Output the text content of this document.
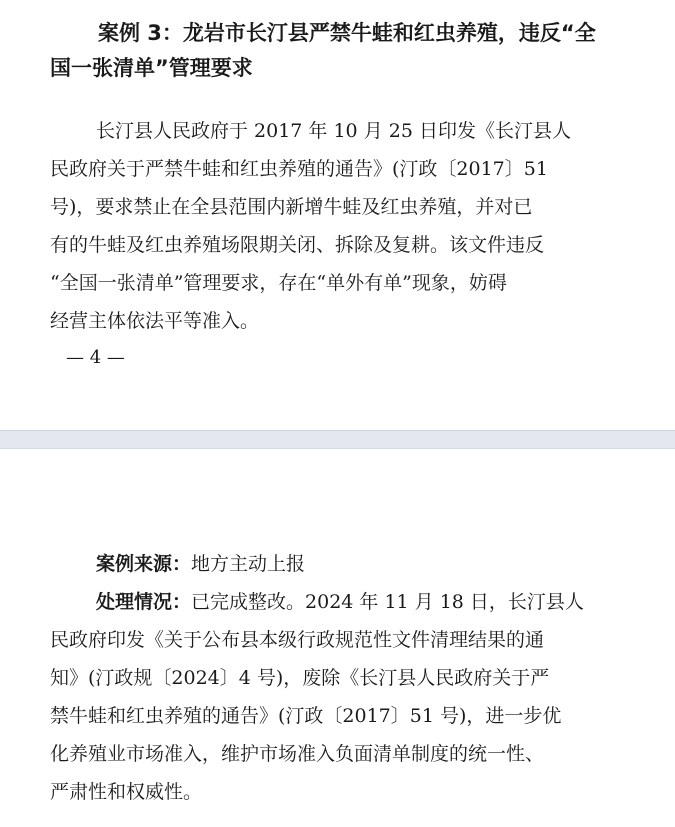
案例 3：龙岩市长汀县严禁牛蛙和红虫养殖，违反“全
国一张清单”管理要求
长汀县人民政府于 2017 年 10 月 25 日印发《长汀县人
民政府关于严禁牛蛙和红虫养殖的通告》(汀政〔2017〕51
号)，要求禁止在全县范围内新增牛蛙及红虫养殖，并对已
有的牛蛙及红虫养殖场限期关闭、拆除及复耕。该文件违反
“全国一张清单”管理要求，存在“单外有单”现象，妨碍
经营主体依法平等准入。
— 4 —
案例来源：地方主动上报
处理情况：已完成整改。2024 年 11 月 18 日，长汀县人
民政府印发《关于公布县本级行政规范性文件清理结果的通
知》(汀政规〔2024〕4 号)，废除《长汀县人民政府关于严
禁牛蛙和红虫养殖的通告》(汀政〔2017〕51 号)，进一步优
化养殖业市场准入，维护市场准入负面清单制度的统一性、
严肃性和权威性。
